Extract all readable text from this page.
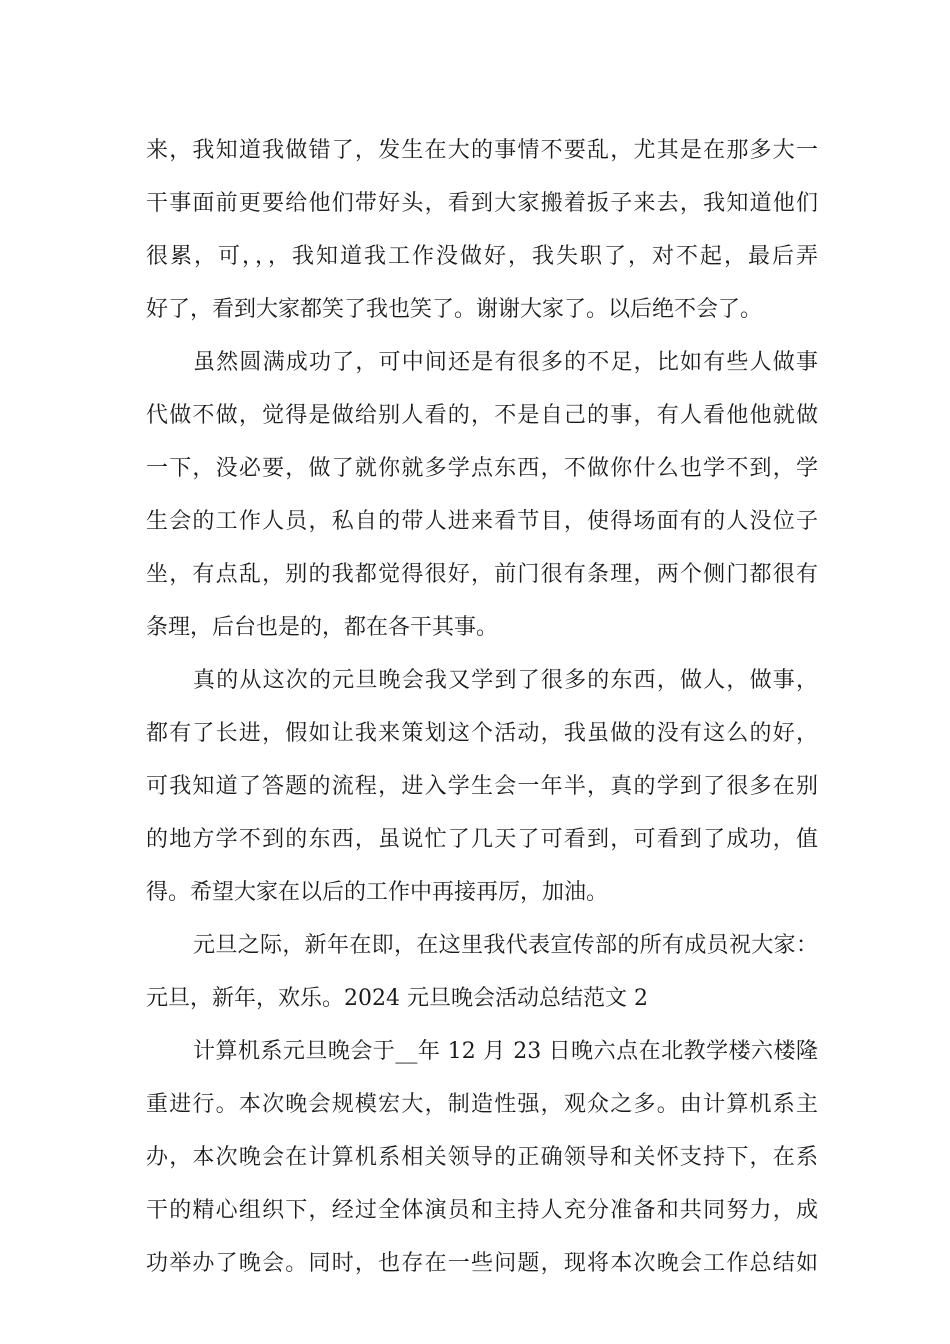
来，我知道我做错了，发生在大的事情不要乱，尤其是在那多大一
干事面前更要给他们带好头，看到大家搬着扳子来去，我知道他们
很累，可，，，我知道我工作没做好，我失职了，对不起，最后弄
好了，看到大家都笑了我也笑了。谢谢大家了。以后绝不会了。
虽然圆满成功了，可中间还是有很多的不足，比如有些人做事
代做不做，觉得是做给别人看的，不是自己的事，有人看他他就做
一下，没必要，做了就你就多学点东西，不做你什么也学不到，学
生会的工作人员，私自的带人进来看节目，使得场面有的人没位子
坐，有点乱，别的我都觉得很好，前门很有条理，两个侧门都很有
条理，后台也是的，都在各干其事。
真的从这次的元旦晚会我又学到了很多的东西，做人，做事，
都有了长进，假如让我来策划这个活动，我虽做的没有这么的好，
可我知道了答题的流程，进入学生会一年半，真的学到了很多在别
的地方学不到的东西，虽说忙了几天了可看到，可看到了成功，值
得。希望大家在以后的工作中再接再厉，加油。
元旦之际，新年在即，在这里我代表宣传部的所有成员祝大家：
元旦，新年，欢乐。2024 元旦晚会活动总结范文 2
计算机系元旦晚会于__年 12 月 23 日晚六点在北教学楼六楼隆
重进行。本次晚会规模宏大，制造性强，观众之多。由计算机系主
办，本次晚会在计算机系相关领导的正确领导和关怀支持下，在系
干的精心组织下，经过全体演员和主持人充分准备和共同努力，成
功举办了晚会。同时，也存在一些问题，现将本次晚会工作总结如
